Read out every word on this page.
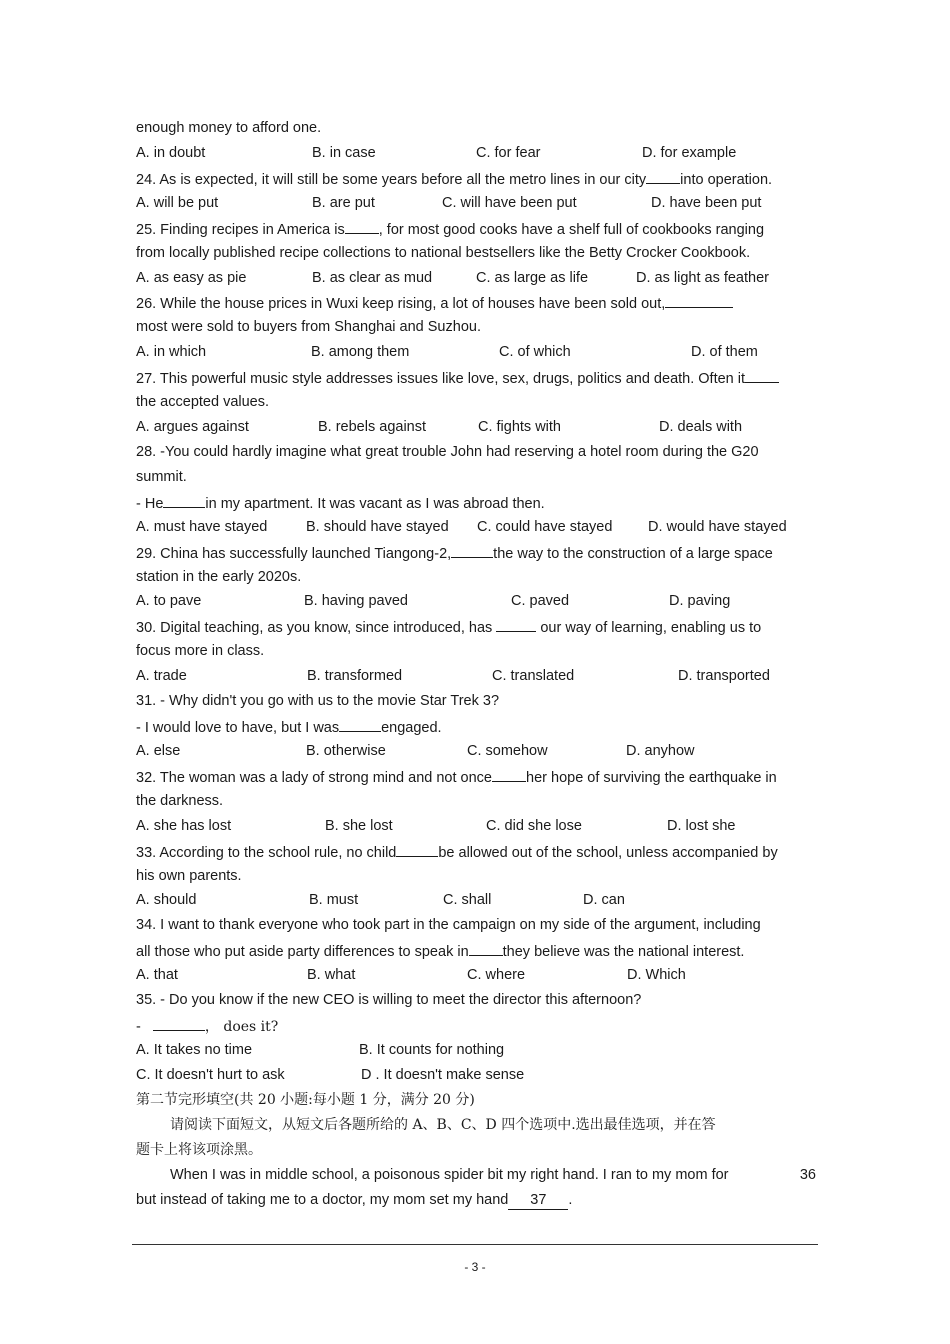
enough money to afford one.
A. in doubt	B. in case	C. for fear	D. for example
24. As is expected, it will still be some years before all the metro lines in our city into operation.
A. will be put	B. are put	C. will have been put	D. have been put
25. Finding recipes in America is , for most good cooks have a shelf full of cookbooks ranging
from locally published recipe collections to national bestsellers like the Betty Crocker Cookbook.
A. as easy as pie	B. as clear as mud	C. as large as life	D. as light as feather
26. While the house prices in Wuxi keep rising, a lot of houses have been sold out,
most were sold to buyers from Shanghai and Suzhou.
A. in which	B. among them	C. of which	D. of them
27. This powerful music style addresses issues like love, sex, drugs, politics and death. Often it
the accepted values.
A. argues against	B. rebels against	C. fights with	D. deals with
28. -You could hardly imagine what great trouble John had reserving a hotel room during the G20
summit.
- He	in my apartment. It was vacant as I was abroad then.
A. must have stayed	B. should have stayed C. could have stayed D. would have stayed
29. China has successfully launched Tiangong-2,	the way to the construction of a large space
station in the early 2020s.
A. to pave	B. having paved	C. paved	D. paving
30. Digital teaching, as you know, since introduced, has	our way of learning, enabling us to
focus more in class.
A. trade	B. transformed	C. translated	D. transported
31. - Why didn't you go with us to the movie Star Trek 3?
- I would love to have, but I was	engaged.
A. else	B. otherwise	C. somehow	D. anyhow
32. The woman was a lady of strong mind and not once her hope of surviving the earthquake in
the darkness.
A. she has lost	B. she lost	C. did she lose	D. lost she
33. According to the school rule, no child	be allowed out of the school, unless accompanied by
his own parents.
A. should	B. must	C. shall	D. can
34. I want to thank everyone who took part in the campaign on my side of the argument, including
all those who put aside party differences to speak in they believe was the national interest.
A. that	B. what	C. where	D. Which
35. - Do you know if the new CEO is willing to meet the director this afternoon?
-	， does it?
A. It takes no time	B. It counts for nothing
C. It doesn't hurt to ask	D . It doesn't make sense
第二节完形填空(共 20 小题:每小题 1 分，满分 20 分)
请阅读下面短文，从短文后各题所给的 A、B、C、D 四个选项中.选出最佳选项，并在答
题卡上将该项涂黑。
When I was in middle school, a poisonous spider bit my right hand. I ran to my mom for	36
but instead of taking me to a doctor, my mom set my hand 37 .
- 3 -
